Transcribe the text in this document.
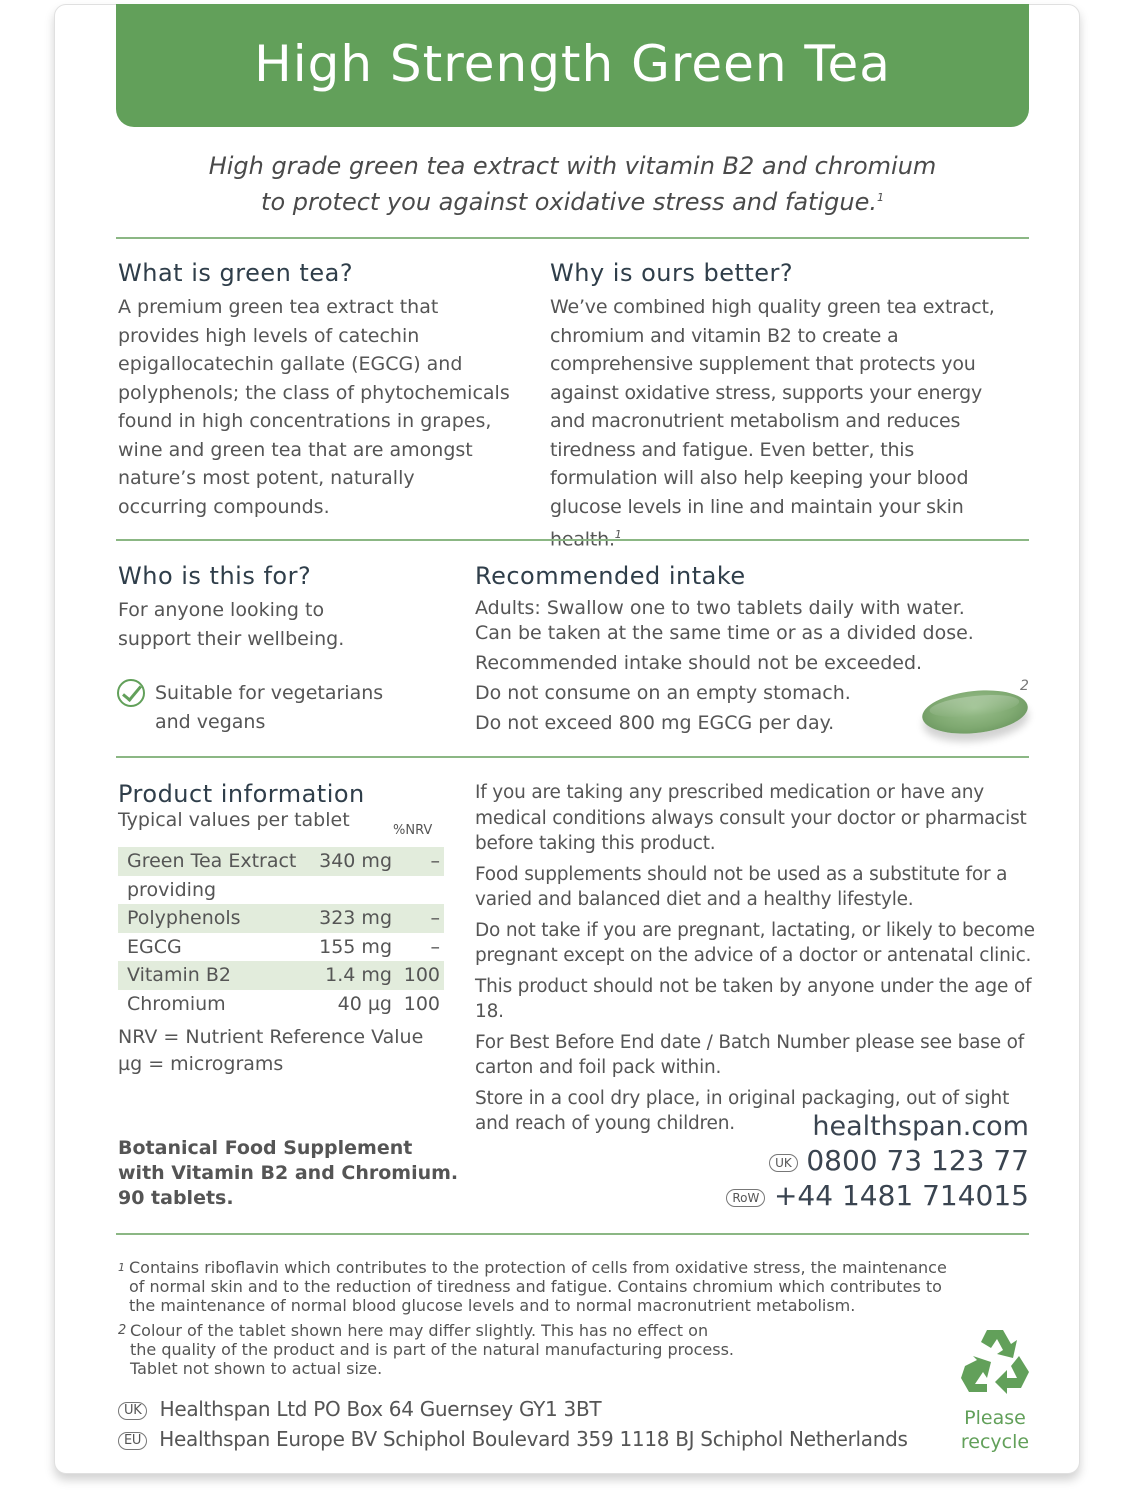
High Strength Green Tea
High grade green tea extract with vitamin B2 and chromium
to protect you against oxidative stress and fatigue.$^1$
What is green tea?

A premium green tea extract that

provides high levels of catechin

epigallocatechin gallate (EGCG) and

polyphenols; the class of phytochemicals

found in high concentrations in grapes,

wine and green tea that are amongst

nature’s most potent, naturally

occurring compounds.

Why is ours better?

We’ve combined high quality green tea extract,

chromium and vitamin B2 to create a

comprehensive supplement that protects you

against oxidative stress, supports your energy

and macronutrient metabolism and reduces

tiredness and fatigue. Even better, this

formulation will also help keeping your blood

glucose levels in line and maintain your skin health.$^1$

Who is this for?

For anyone looking to

support their wellbeing.

Suitable for vegetarians

and vegans

Recommended intake

Adults: Swallow one to two tablets daily with water.

Can be taken at the same time or as a divided dose.

Recommended intake should not be exceeded.

Do not consume on an empty stomach.

Do not exceed 800 mg EGCG per day.

2
Product information
Typical values per tablet	%NRV
Green Tea Extract	340 mg	–
providing		
Polyphenols	323 mg	–
EGCG	155 mg	–
Vitamin B2	1.4 mg	100
Chromium	40 µg	100
NRV = Nutrient Reference Value
µg = micrograms
Botanical Food Supplement
with Vitamin B2 and Chromium.
90 tablets.
If you are taking any prescribed medication or have any
medical conditions always consult your doctor or pharmacist
before taking this product.
Food supplements should not be used as a substitute for a
varied and balanced diet and a healthy lifestyle.
Do not take if you are pregnant, lactating, or likely to become
pregnant except on the advice of a doctor or antenatal clinic.
This product should not be taken by anyone under the age of 18.
For Best Before End date / Batch Number please see base of
carton and foil pack within.
Store in a cool dry place, in original packaging, out of sight
and reach of young children.	healthspan.com
UK 0800 73 123 77
RoW +44 1481 714015
1 Contains riboflavin which contributes to the protection of cells from oxidative stress, the maintenance

of normal skin and to the reduction of tiredness and fatigue. Contains chromium which contributes to

the maintenance of normal blood glucose levels and to normal macronutrient metabolism.

2 Colour of the tablet shown here may differ slightly. This has no effect on

the quality of the product and is part of the natural manufacturing process.

Tablet not shown to actual size.

UK Healthspan Ltd PO Box 64 Guernsey GY1 3BT
EU Healthspan Europe BV Schiphol Boulevard 359 1118 BJ Schiphol Netherlands
Please
recycle
